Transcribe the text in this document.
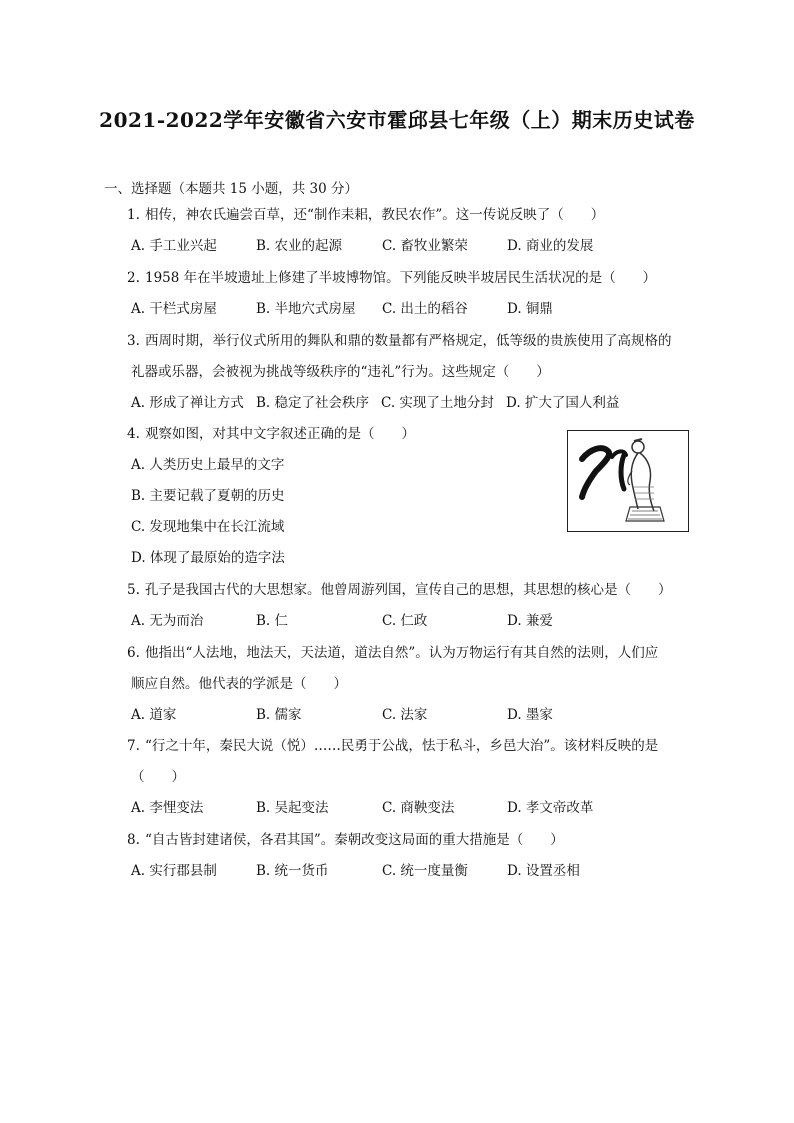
2021-2022学年安徽省六安市霍邱县七年级（上）期末历史试卷
一、选择题（本题共 15 小题，共 30 分）
1. 相传，神农氏遍尝百草，还“制作耒耜，教民农作”。这一传说反映了（　　）
A. 手工业兴起	B. 农业的起源	C. 畜牧业繁荣	D. 商业的发展
2. 1958 年在半坡遗址上修建了半坡博物馆。下列能反映半坡居民生活状况的是（　　）
A. 干栏式房屋	B. 半地穴式房屋 C. 出土的稻谷	D. 铜鼎
3. 西周时期，举行仪式所用的舞队和鼎的数量都有严格规定，低等级的贵族使用了高规格的
礼器或乐器，会被视为挑战等级秩序的“违礼”行为。这些规定（　　）
A. 形成了禅让方式 B. 稳定了社会秩序 C. 实现了土地分封 D. 扩大了国人利益
4. 观察如图，对其中文字叙述正确的是（　　）
A. 人类历史上最早的文字
B. 主要记载了夏朝的历史
C. 发现地集中在长江流域
D. 体现了最原始的造字法
5. 孔子是我国古代的大思想家。他曾周游列国，宣传自己的思想，其思想的核心是（　　）
A. 无为而治	B. 仁	C. 仁政	D. 兼爱
6. 他指出“人法地，地法天，天法道，道法自然”。认为万物运行有其自然的法则，人们应
顺应自然。他代表的学派是（　　）
A. 道家	B. 儒家	C. 法家	D. 墨家
7. “行之十年，秦民大说（悦）……民勇于公战，怯于私斗，乡邑大治”。该材料反映的是
（　　）
A. 李悝变法	B. 吴起变法	C. 商鞅变法	D. 孝文帝改革
8. “自古皆封建诸侯，各君其国”。秦朝改变这局面的重大措施是（　　）
A. 实行郡县制	B. 统一货币	C. 统一度量衡	D. 设置丞相
